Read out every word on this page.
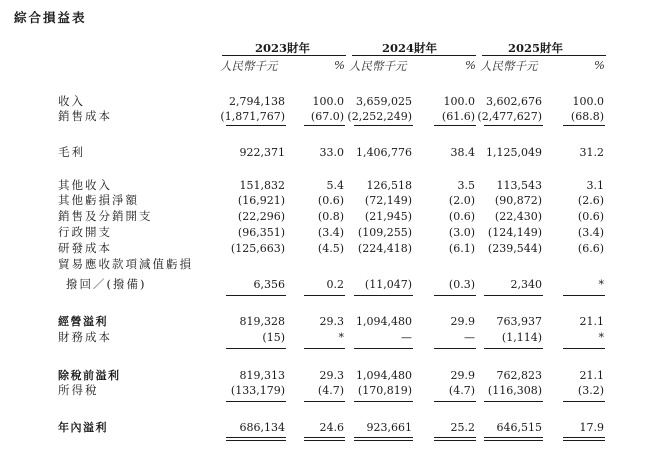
綜合損益表
2023財年	2024財年	2025財年
人民幣千元	% 人民幣千元	% 人民幣千元	%
收入	2,794,138	100.0 3,659,025	100.0 3,602,676	100.0
銷售成本	(1,871,767) (67.0) (2,252,249)	(61.6) (2,477,627)	(68.8)
毛利	922,371	33.0 1,406,776	38.4 1,125,049	31.2
其他收入	151,832	5.4 126,518	3.5 113,543	3.1
其他虧損淨額	(16,921)	(0.6) (72,149)	(2.0) (90,872)	(2.6)
銷售及分銷開支	(22,296)	(0.8) (21,945)	(0.6) (22,430)	(0.6)
行政開支	(96,351)	(3.4) (109,255)	(3.0) (124,149)	(3.4)
研發成本	(125,663)	(4.5) (224,418)	(6.1) (239,544)	(6.6)
貿易應收款項減值虧損
撥回／(撥備)	6,356	0.2 (11,047)	(0.3)	2,340	*
經營溢利	819,328	29.3 1,094,480	29.9 763,937	21.1
財務成本	(15)	*	—	— (1,114)	*
除稅前溢利	819,313	29.3 1,094,480	29.9 762,823	21.1
所得稅	(133,179)	(4.7) (170,819)	(4.7) (116,308)	(3.2)
年內溢利	686,134	24.6 923,661	25.2 646,515	17.9
